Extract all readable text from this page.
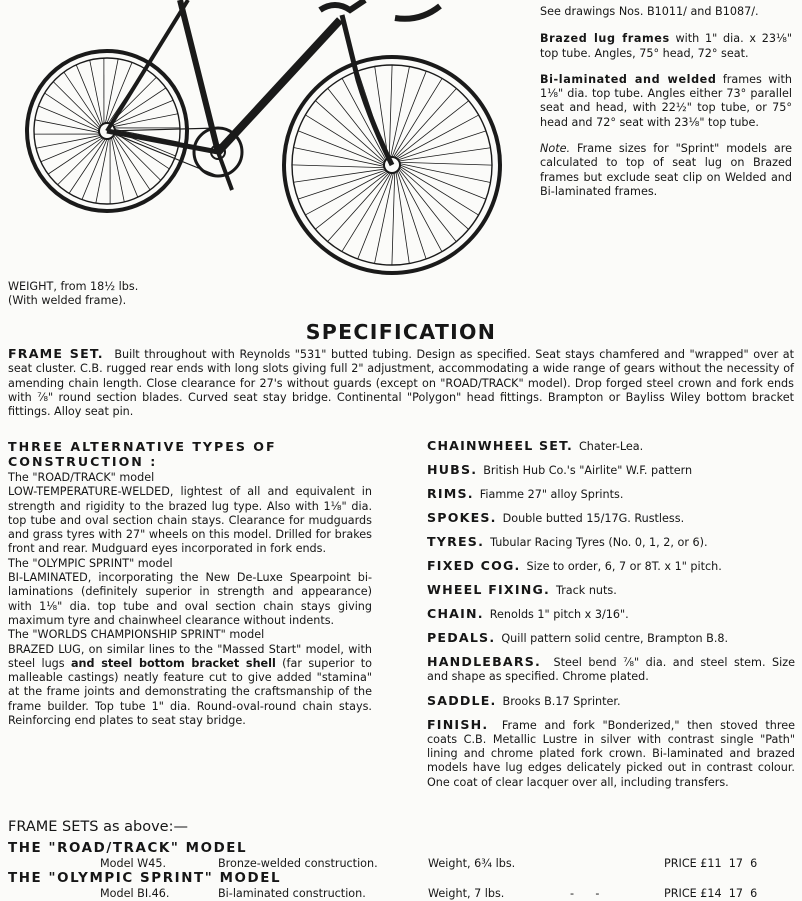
See drawings Nos. B1011/ and B1087/.

Brazed lug frames with 1" dia. x 23⅛" top tube. Angles, 75° head, 72° seat.

Bi-laminated and welded frames with 1⅛" dia. top tube. Angles either 73° parallel seat and head, with 22½" top tube, or 75° head and 72° seat with 23⅛" top tube.

Note. Frame sizes for "Sprint" models are calculated to top of seat lug on Brazed frames but exclude seat clip on Welded and Bi-laminated frames.

WEIGHT, from 18½ lbs.

(With welded frame).

SPECIFICATION

FRAME SET. Built throughout with Reynolds "531" butted tubing. Design as specified. Seat stays chamfered and "wrapped" over at seat cluster. C.B. rugged rear ends with long slots giving full 2" adjustment, accommodating a wide range of gears without the necessity of amending chain length. Close clearance for 27's without guards (except on "ROAD/TRACK" model). Drop forged steel crown and fork ends with ⅞" round section blades. Curved seat stay bridge. Continental "Polygon" head fittings. Brampton or Bayliss Wiley bottom bracket fittings. Alloy seat pin.

THREE ALTERNATIVE TYPES OF CONSTRUCTION :

The "ROAD/TRACK" model

LOW-TEMPERATURE-WELDED, lightest of all and equivalent in strength and rigidity to the brazed lug type. Also with 1⅛" dia. top tube and oval section chain stays. Clearance for mudguards and grass tyres with 27" wheels on this model. Drilled for brakes front and rear. Mudguard eyes incorporated in fork ends.

The "OLYMPIC SPRINT" model

BI-LAMINATED, incorporating the New De-Luxe Spearpoint bi-laminations (definitely superior in strength and appearance) with 1⅛" dia. top tube and oval section chain stays giving maximum tyre and chainwheel clearance without indents.

The "WORLDS CHAMPIONSHIP SPRINT" model

BRAZED LUG, on similar lines to the "Massed Start" model, with steel lugs and steel bottom bracket shell (far superior to malleable castings) neatly feature cut to give added "stamina" at the frame joints and demonstrating the craftsmanship of the frame builder. Top tube 1" dia. Round-oval-round chain stays. Reinforcing end plates to seat stay bridge.

CHAINWHEEL SET. Chater-Lea.

HUBS. British Hub Co.'s "Airlite" W.F. pattern

RIMS. Fiamme 27" alloy Sprints.

SPOKES. Double butted 15/17G. Rustless.

TYRES. Tubular Racing Tyres (No. 0, 1, 2, or 6).

FIXED COG. Size to order, 6, 7 or 8T. x 1" pitch.

WHEEL FIXING. Track nuts.

CHAIN. Renolds 1" pitch x 3/16".

PEDALS. Quill pattern solid centre, Brampton B.8.

HANDLEBARS. Steel bend ⅞" dia. and steel stem. Size and shape as specified. Chrome plated.

SADDLE. Brooks B.17 Sprinter.

FINISH. Frame and fork "Bonderized," then stoved three coats C.B. Metallic Lustre in silver with contrast single "Path" lining and chrome plated fork crown. Bi-laminated and brazed models have lug edges delicately picked out in contrast colour. One coat of clear lacquer over all, including transfers.

FRAME SETS as above:—
THE "ROAD/TRACK" MODEL
Model W45.	Bronze-welded construction.	Weight, 6¾ lbs.	PRICE £11  17  6
THE "OLYMPIC SPRINT" MODEL
Model BI.46.	Bi-laminated construction.	Weight, 7 lbs.	-      -	PRICE £14  17  6
